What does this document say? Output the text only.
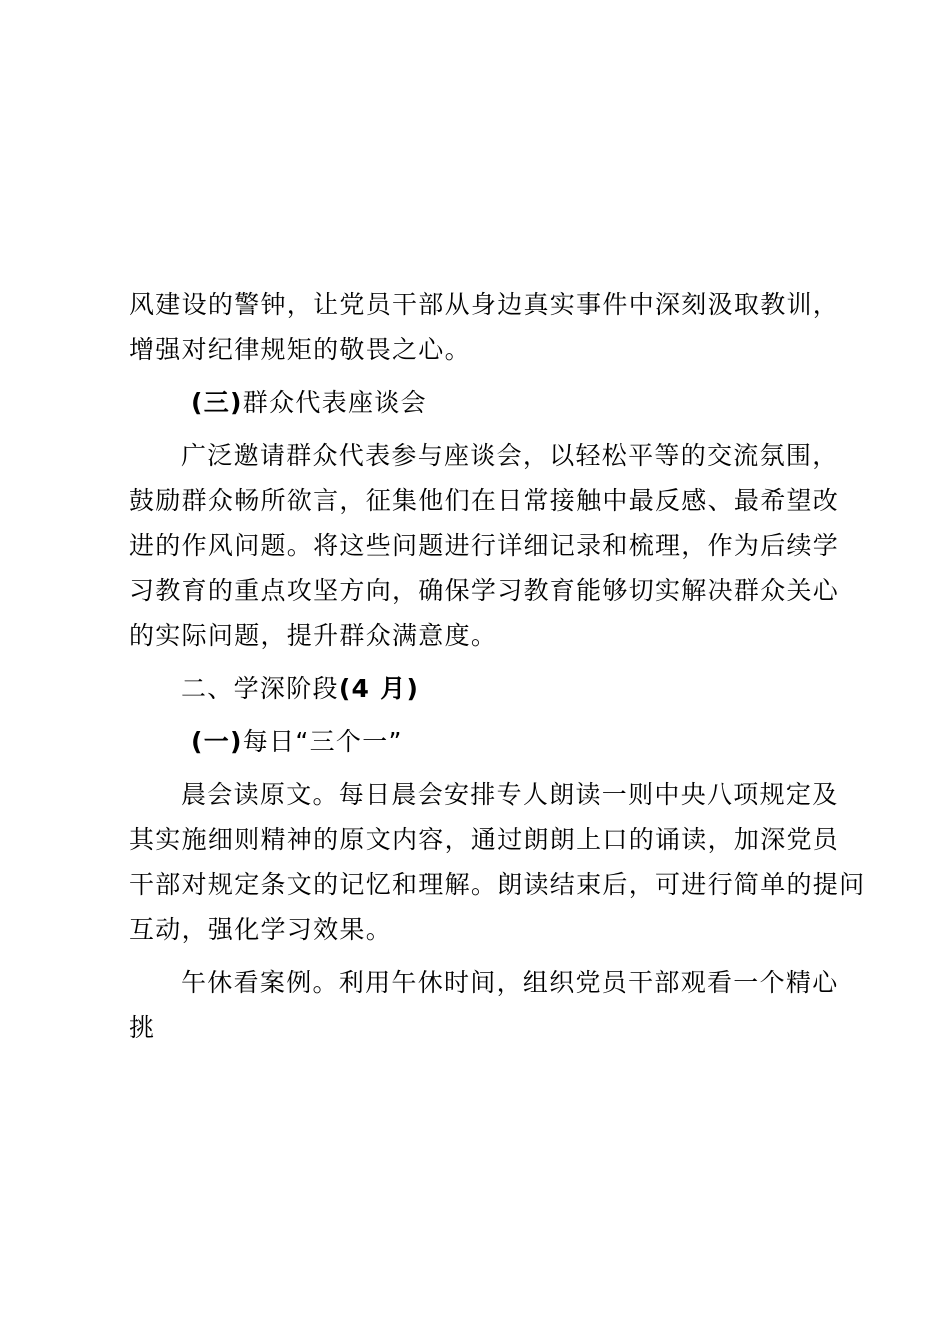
风建设的警钟，让党员干部从身边真实事件中深刻汲取教训，
增强对纪律规矩的敬畏之心。
(三)群众代表座谈会
广泛邀请群众代表参与座谈会，以轻松平等的交流氛围，
鼓励群众畅所欲言，征集他们在日常接触中最反感、最希望改
进的作风问题。将这些问题进行详细记录和梳理，作为后续学
习教育的重点攻坚方向，确保学习教育能够切实解决群众关心
的实际问题，提升群众满意度。
二、学深阶段(4 月)
(一)每日“三个一”
晨会读原文。每日晨会安排专人朗读一则中央八项规定及
其实施细则精神的原文内容，通过朗朗上口的诵读，加深党员
干部对规定条文的记忆和理解。朗读结束后，可进行简单的提问
互动，强化学习效果。
午休看案例。利用午休时间，组织党员干部观看一个精心
挑
